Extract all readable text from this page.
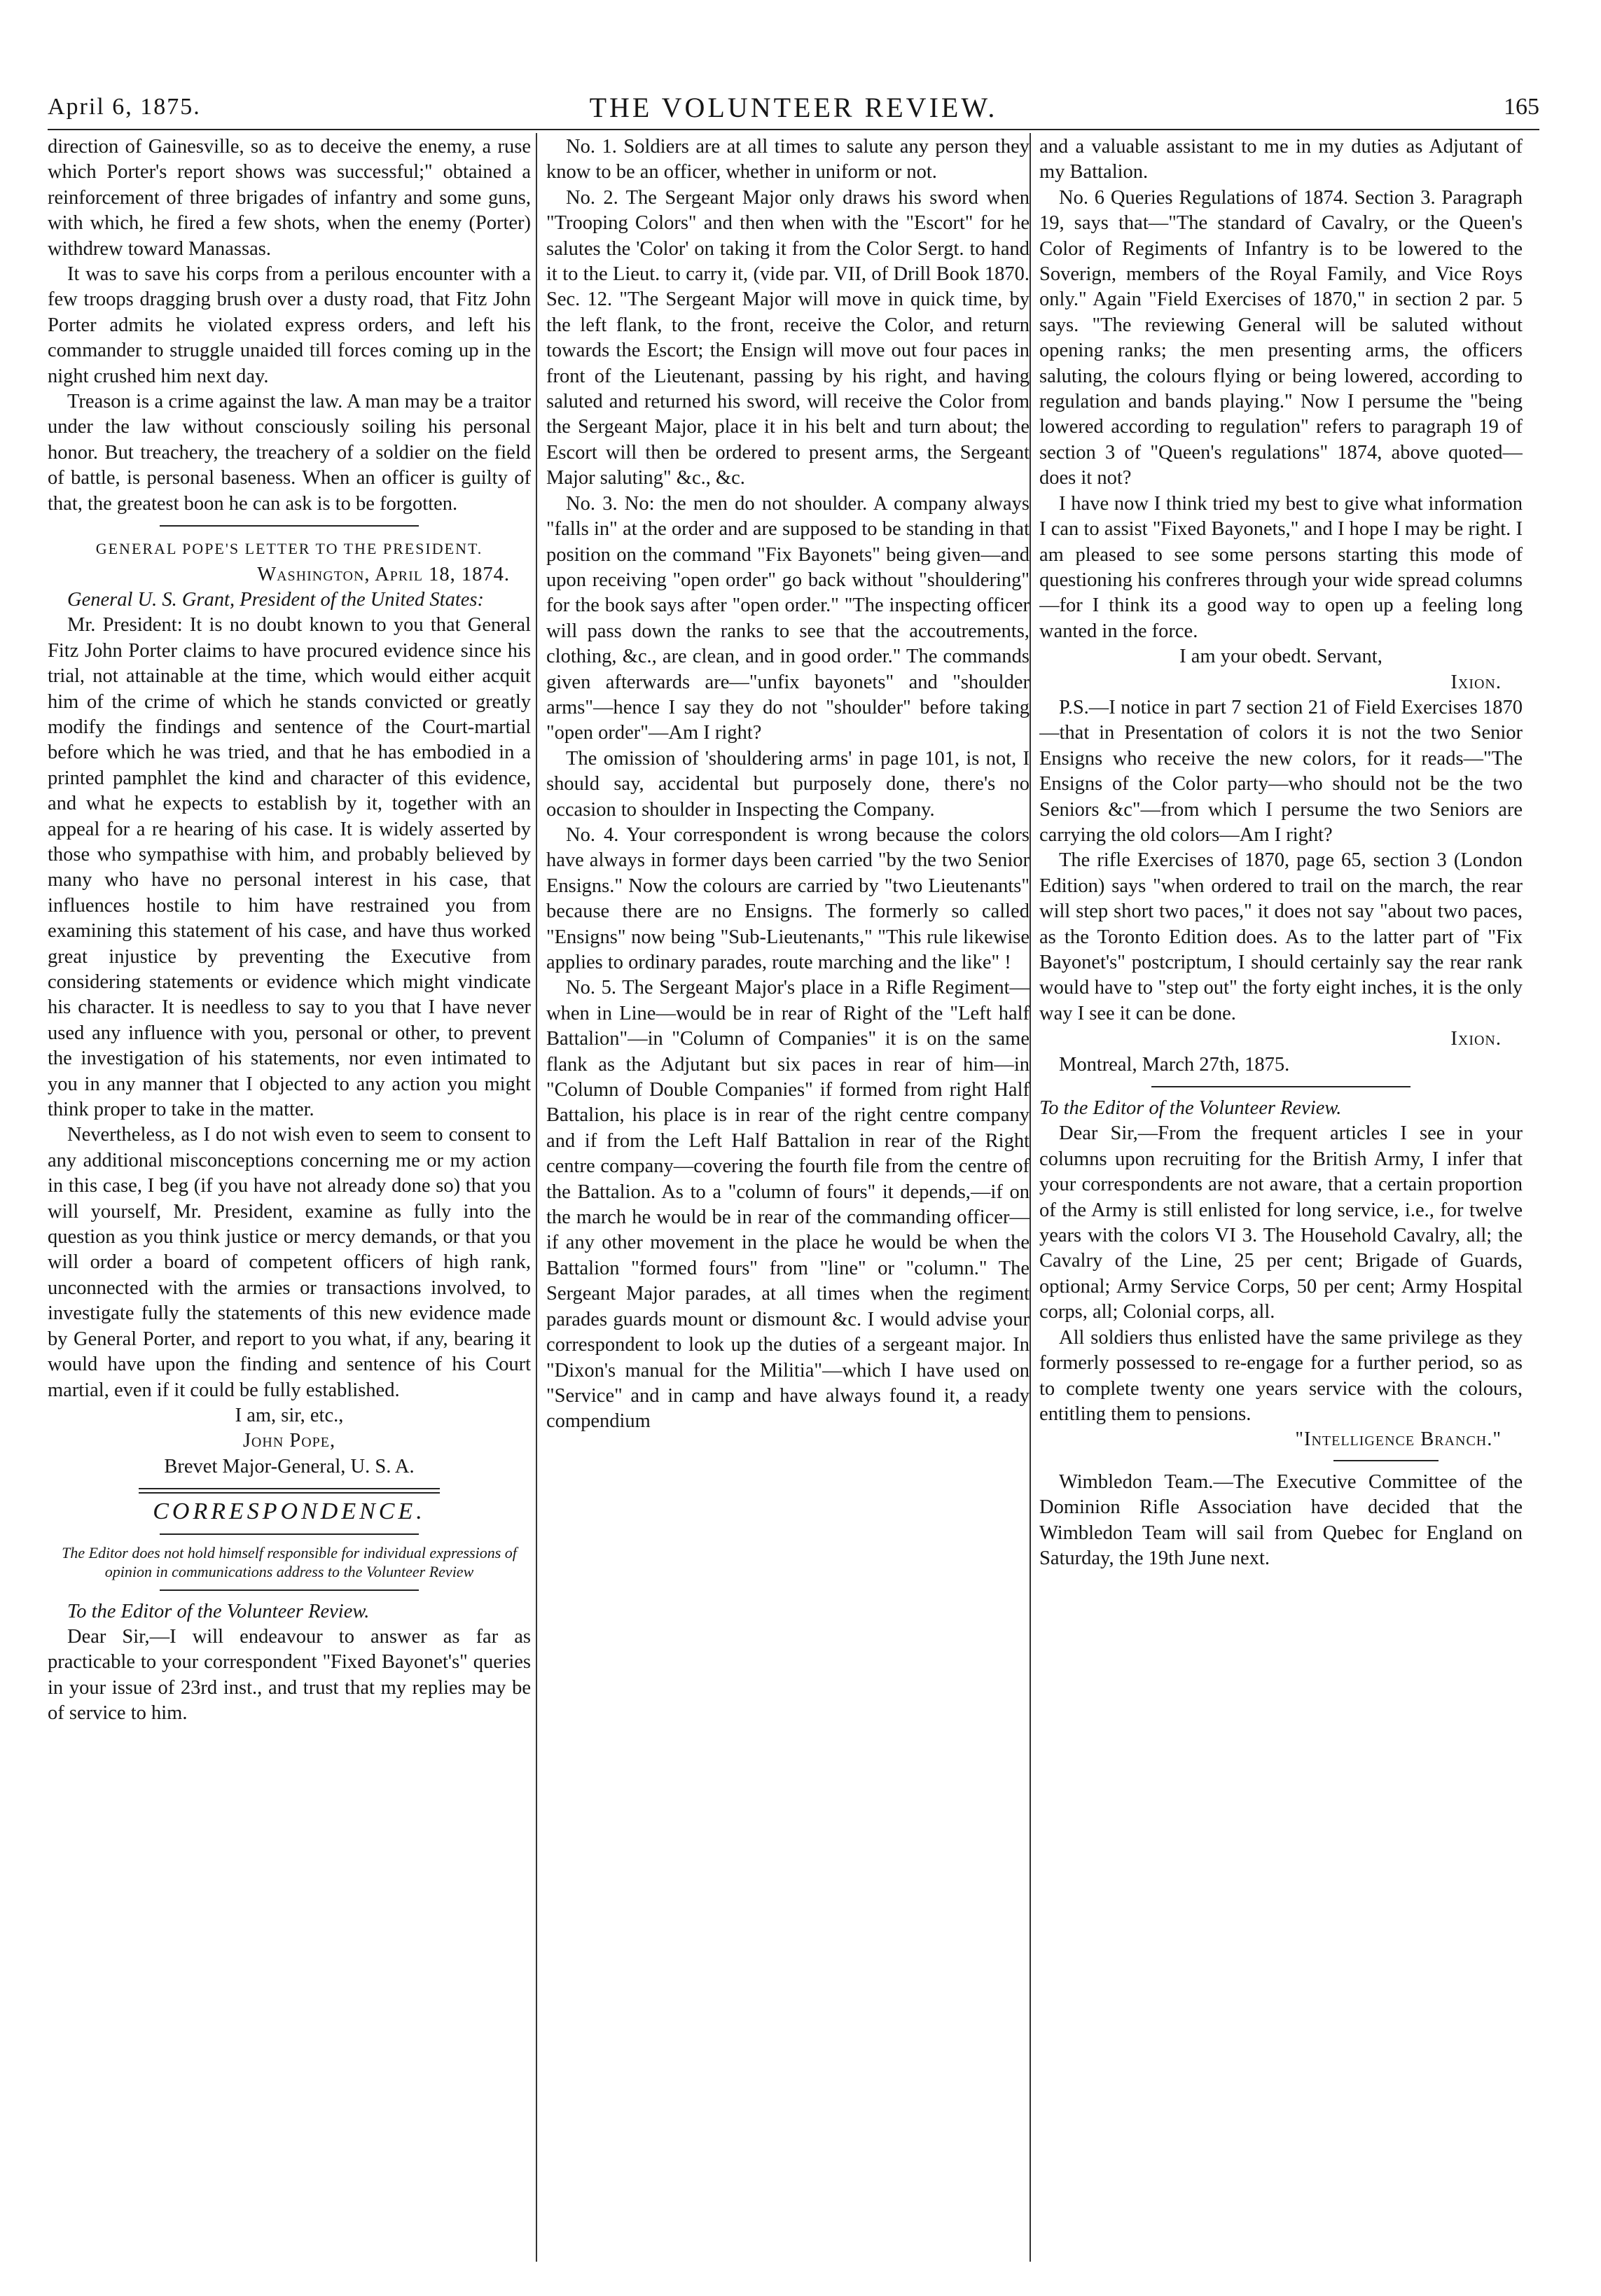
April 6, 1875.	THE VOLUNTEER REVIEW.	165

direction of Gainesville, so as to deceive the enemy, a ruse which Porter's report shows was successful;" obtained a reinforcement of three brigades of infantry and some guns, with which, he fired a few shots, when the enemy (Porter) withdrew toward Manassas.

It was to save his corps from a perilous encounter with a few troops dragging brush over a dusty road, that Fitz John Porter admits he violated express orders, and left his commander to struggle unaided till forces coming up in the night crushed him next day.

Treason is a crime against the law. A man may be a traitor under the law without consciously soiling his personal honor. But treachery, the treachery of a soldier on the field of battle, is personal baseness. When an officer is guilty of that, the greatest boon he can ask is to be forgotten.

GENERAL POPE'S LETTER TO THE PRESIDENT.

Washington, April 18, 1874.

General U. S. Grant, President of the United States:

Mr. President: It is no doubt known to you that General Fitz John Porter claims to have procured evidence since his trial, not attainable at the time, which would either acquit him of the crime of which he stands convicted or greatly modify the findings and sentence of the Court-martial before which he was tried, and that he has embodied in a printed pamphlet the kind and character of this evidence, and what he expects to establish by it, together with an appeal for a re hearing of his case. It is widely asserted by those who sympathise with him, and probably believed by many who have no personal interest in his case, that influences hostile to him have restrained you from examining this statement of his case, and have thus worked great injustice by preventing the Executive from considering statements or evidence which might vindicate his character. It is needless to say to you that I have never used any influence with you, personal or other, to prevent the investigation of his statements, nor even intimated to you in any manner that I objected to any action you might think proper to take in the matter.

Nevertheless, as I do not wish even to seem to consent to any additional misconceptions concerning me or my action in this case, I beg (if you have not already done so) that you will yourself, Mr. President, examine as fully into the question as you think justice or mercy demands, or that you will order a board of competent officers of high rank, unconnected with the armies or transactions involved, to investigate fully the statements of this new evidence made by General Porter, and report to you what, if any, bearing it would have upon the finding and sentence of his Court martial, even if it could be fully established.

I am, sir, etc.,

John Pope,

Brevet Major-General, U. S. A.

CORRESPONDENCE.

The Editor does not hold himself responsible for individual expressions of opinion in communications address to the Volunteer Review

To the Editor of the Volunteer Review.

Dear Sir,—I will endeavour to answer as far as practicable to your correspondent "Fixed Bayonet's" queries in your issue of 23rd inst., and trust that my replies may be of service to him.

No. 1. Soldiers are at all times to salute any person they know to be an officer, whether in uniform or not.

No. 2. The Sergeant Major only draws his sword when "Trooping Colors" and then when with the "Escort" for he salutes the 'Color' on taking it from the Color Sergt. to hand it to the Lieut. to carry it, (vide par. VII, of Drill Book 1870. Sec. 12. "The Sergeant Major will move in quick time, by the left flank, to the front, receive the Color, and return towards the Escort; the Ensign will move out four paces in front of the Lieutenant, passing by his right, and having saluted and returned his sword, will receive the Color from the Sergeant Major, place it in his belt and turn about; the Escort will then be ordered to present arms, the Sergeant Major saluting" &c., &c.

No. 3. No: the men do not shoulder. A company always "falls in" at the order and are supposed to be standing in that position on the command "Fix Bayonets" being given—and upon receiving "open order" go back without "shouldering" for the book says after "open order." "The inspecting officer will pass down the ranks to see that the accoutrements, clothing, &c., are clean, and in good order." The commands given afterwards are—"unfix bayonets" and "shoulder arms"—hence I say they do not "shoulder" before taking "open order"—Am I right?

The omission of 'shouldering arms' in page 101, is not, I should say, accidental but purposely done, there's no occasion to shoulder in Inspecting the Company.

No. 4. Your correspondent is wrong because the colors have always in former days been carried "by the two Senior Ensigns." Now the colours are carried by "two Lieutenants" because there are no Ensigns. The formerly so called "Ensigns" now being "Sub-Lieutenants," "This rule likewise applies to ordinary parades, route marching and the like" !

No. 5. The Sergeant Major's place in a Rifle Regiment—when in Line—would be in rear of Right of the "Left half Battalion"—in "Column of Companies" it is on the same flank as the Adjutant but six paces in rear of him—in "Column of Double Companies" if formed from right Half Battalion, his place is in rear of the right centre company and if from the Left Half Battalion in rear of the Right centre company—covering the fourth file from the centre of the Battalion. As to a "column of fours" it depends,—if on the march he would be in rear of the commanding officer—if any other movement in the place he would be when the Battalion "formed fours" from "line" or "column." The Sergeant Major parades, at all times when the regiment parades guards mount or dismount &c. I would advise your correspondent to look up the duties of a sergeant major. In "Dixon's manual for the Militia"—which I have used on "Service" and in camp and have always found it, a ready compendium

and a valuable assistant to me in my duties as Adjutant of my Battalion.

No. 6 Queries Regulations of 1874. Section 3. Paragraph 19, says that—"The standard of Cavalry, or the Queen's Color of Regiments of Infantry is to be lowered to the Soverign, members of the Royal Family, and Vice Roys only." Again "Field Exercises of 1870," in section 2 par. 5 says. "The reviewing General will be saluted without opening ranks; the men presenting arms, the officers saluting, the colours flying or being lowered, according to regulation and bands playing." Now I persume the "being lowered according to regulation" refers to paragraph 19 of section 3 of "Queen's regulations" 1874, above quoted—does it not?

I have now I think tried my best to give what information I can to assist "Fixed Bayonets," and I hope I may be right. I am pleased to see some persons starting this mode of questioning his confreres through your wide spread columns—for I think its a good way to open up a feeling long wanted in the force.

I am your obedt. Servant,

Ixion.

P.S.—I notice in part 7 section 21 of Field Exercises 1870—that in Presentation of colors it is not the two Senior Ensigns who receive the new colors, for it reads—"The Ensigns of the Color party—who should not be the two Seniors &c"—from which I persume the two Seniors are carrying the old colors—Am I right?

The rifle Exercises of 1870, page 65, section 3 (London Edition) says "when ordered to trail on the march, the rear will step short two paces," it does not say "about two paces, as the Toronto Edition does. As to the latter part of "Fix Bayonet's" postcriptum, I should certainly say the rear rank would have to "step out" the forty eight inches, it is the only way I see it can be done.

Ixion.

Montreal, March 27th, 1875.

To the Editor of the Volunteer Review.

Dear Sir,—From the frequent articles I see in your columns upon recruiting for the British Army, I infer that your correspondents are not aware, that a certain proportion of the Army is still enlisted for long service, i.e., for twelve years with the colors VI 3. The Household Cavalry, all; the Cavalry of the Line, 25 per cent; Brigade of Guards, optional; Army Service Corps, 50 per cent; Army Hospital corps, all; Colonial corps, all.

All soldiers thus enlisted have the same privilege as they formerly possessed to re-engage for a further period, so as to complete twenty one years service with the colours, entitling them to pensions.

"Intelligence Branch."

Wimbledon Team.—The Executive Committee of the Dominion Rifle Association have decided that the Wimbledon Team will sail from Quebec for England on Saturday, the 19th June next.
